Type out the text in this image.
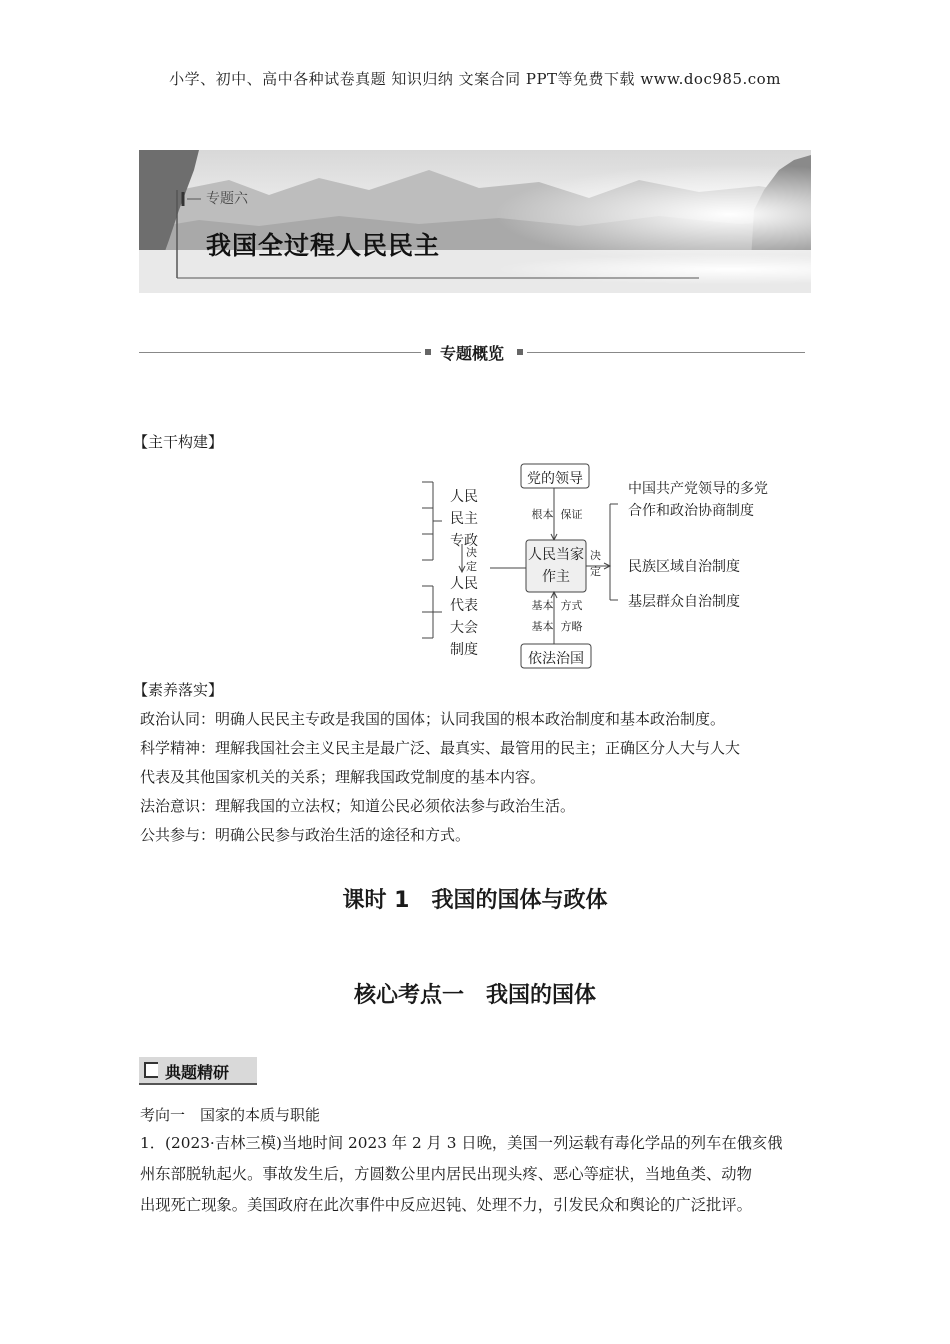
小学、初中、高中各种试卷真题 知识归纳 文案合同 PPT等免费下载 www.doc985.com
专题六
我国全过程人民民主
专题概览
【主干构建】
人民民主专政
决定
人民代表大会制度
党的领导
根本  保证
人民当家作主
基本  方式
基本  方略
依法治国
决定
中国共产党领导的多党合作和政治协商制度
民族区域自治制度
基层群众自治制度
【素养落实】
政治认同：明确人民民主专政是我国的国体；认同我国的根本政治制度和基本政治制度。
科学精神：理解我国社会主义民主是最广泛、最真实、最管用的民主；正确区分人大与人大
代表及其他国家机关的关系；理解我国政党制度的基本内容。
法治意识：理解我国的立法权；知道公民必须依法参与政治生活。
公共参与：明确公民参与政治生活的途径和方式。
课时 1　我国的国体与政体
核心考点一　我国的国体
典题精研
考向一　国家的本质与职能
1．(2023·吉林三模)当地时间 2023 年 2 月 3 日晚，美国一列运载有毒化学品的列车在俄亥俄
州东部脱轨起火。事故发生后，方圆数公里内居民出现头疼、恶心等症状，当地鱼类、动物
出现死亡现象。美国政府在此次事件中反应迟钝、处理不力，引发民众和舆论的广泛批评。
